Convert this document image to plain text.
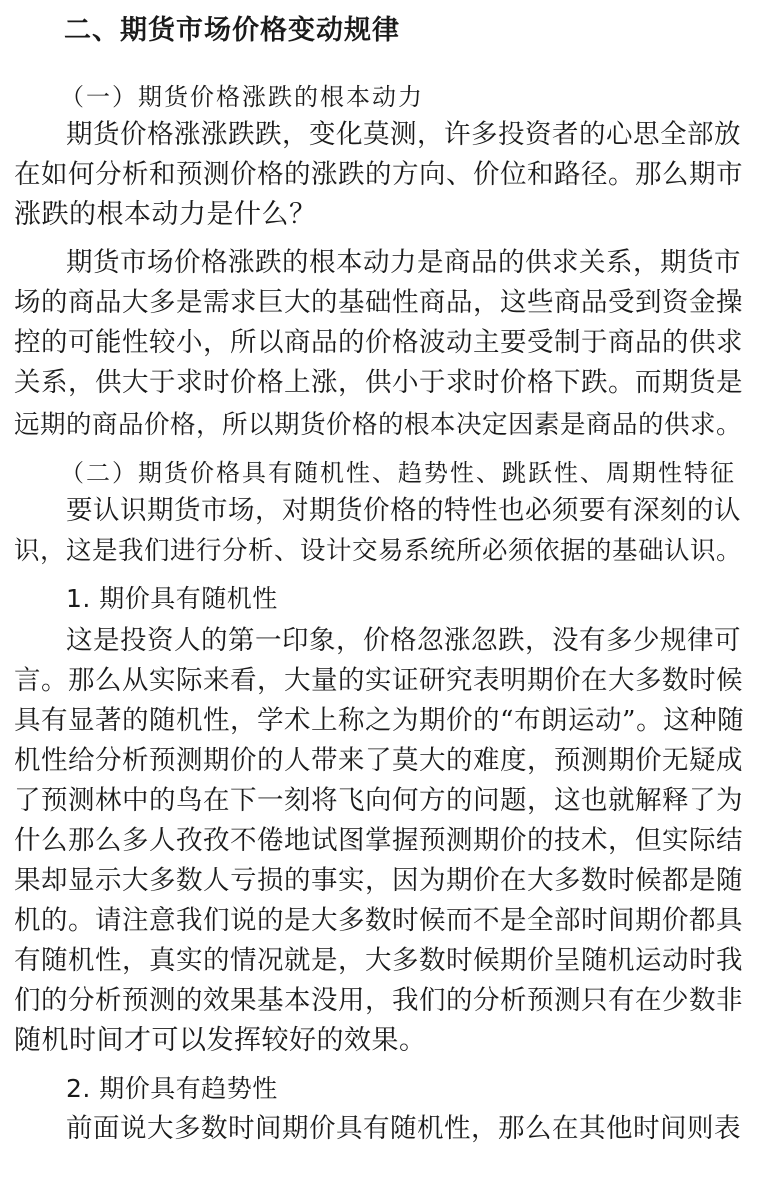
二、期货市场价格变动规律
（一）期货价格涨跌的根本动力
期货价格涨涨跌跌，变化莫测，许多投资者的心思全部放
在如何分析和预测价格的涨跌的方向、价位和路径。那么期市
涨跌的根本动力是什么？
期货市场价格涨跌的根本动力是商品的供求关系，期货市
场的商品大多是需求巨大的基础性商品，这些商品受到资金操
控的可能性较小，所以商品的价格波动主要受制于商品的供求
关系，供大于求时价格上涨，供小于求时价格下跌。而期货是
远期的商品价格，所以期货价格的根本决定因素是商品的供求。
（二）期货价格具有随机性、趋势性、跳跃性、周期性特征
要认识期货市场，对期货价格的特性也必须要有深刻的认
识，这是我们进行分析、设计交易系统所必须依据的基础认识。
1. 期价具有随机性
这是投资人的第一印象，价格忽涨忽跌，没有多少规律可
言。那么从实际来看，大量的实证研究表明期价在大多数时候
具有显著的随机性，学术上称之为期价的“布朗运动”。这种随
机性给分析预测期价的人带来了莫大的难度，预测期价无疑成
了预测林中的鸟在下一刻将飞向何方的问题，这也就解释了为
什么那么多人孜孜不倦地试图掌握预测期价的技术，但实际结
果却显示大多数人亏损的事实，因为期价在大多数时候都是随
机的。请注意我们说的是大多数时候而不是全部时间期价都具
有随机性，真实的情况就是，大多数时候期价呈随机运动时我
们的分析预测的效果基本没用，我们的分析预测只有在少数非
随机时间才可以发挥较好的效果。
2. 期价具有趋势性
前面说大多数时间期价具有随机性，那么在其他时间则表
